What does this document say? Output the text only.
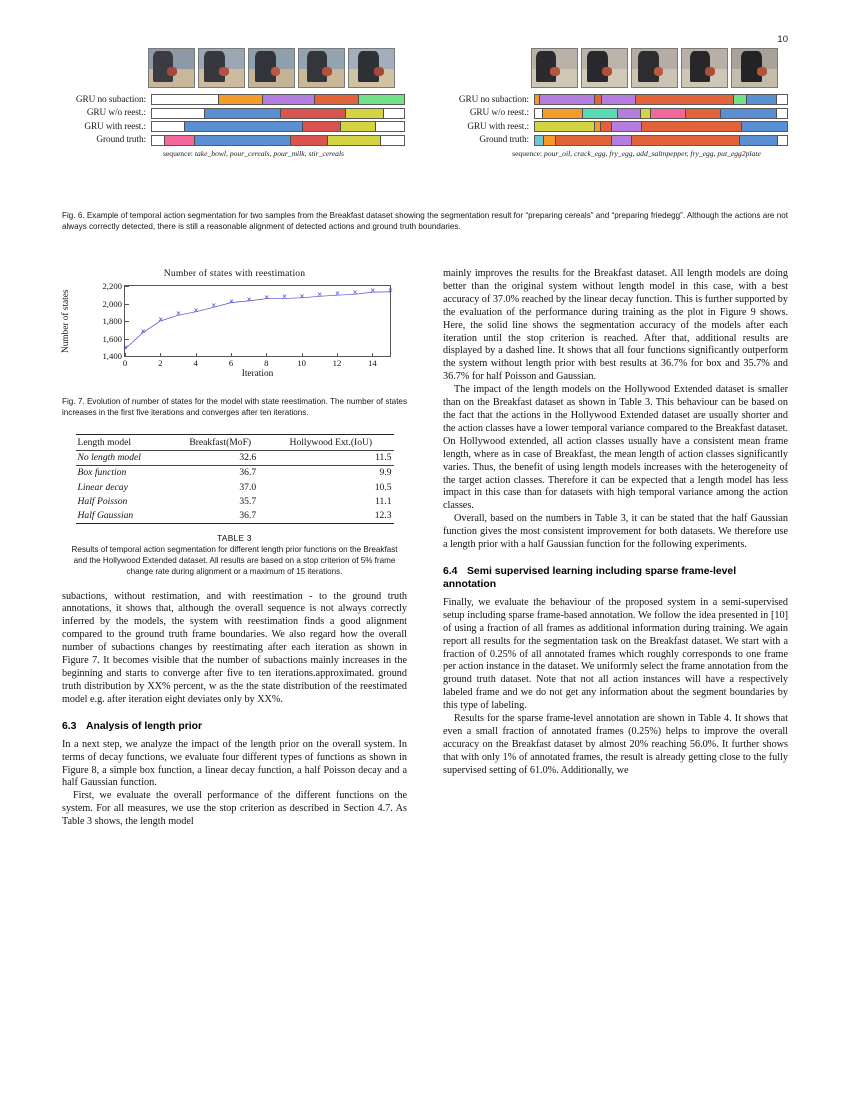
10
GRU no subaction:
GRU w/o reest.:
GRU with reest.:
Ground truth:
sequence: take_bowl, pour_cereals, pour_milk, stir_cereals
GRU no subaction:
GRU w/o reest.:
GRU with reest.:
Ground truth:
sequence: pour_oil, crack_egg, fry_egg, add_saltnpepper, fry_egg, put_egg2plate
Fig. 6. Example of temporal action segmentation for two samples from the Breakfast dataset showing the segmentation result for “preparing cereals” and “preparing friedegg”. Although the actions are not always correctly detected, there is still a reasonable alignment of detected actions and ground truth boundaries.
Number of states with reestimation
Number of states
1,400
1,600
1,800
2,000
2,200
0	2	4	6	8	10	12	14
✕
✕
✕
✕
✕
✕
✕
✕
✕
✕
✕
✕
✕
✕
✕
✕
Iteration
Fig. 7. Evolution of number of states for the model with state reestimation. The number of states increases in the first five iterations and converges after ten iterations.
Length model	Breakfast(MoF)	Hollywood Ext.(IoU)
No length model	32.6	11.5
Box function	36.7	9.9
Linear decay	37.0	10.5
Half Poisson	35.7	11.1
Half Gaussian	36.7	12.3
TABLE 3
Results of temporal action segmentation for different length prior functions on the Breakfast and the Hollywood Extended dataset. All results are based on a stop criterion of 5% frame change rate during alignment or a maximum of 15 iterations.

subactions, without restimation, and with reestimation - to the ground truth annotations, it shows that, although the overall sequence is not always correctly inferred by the models, the system with reestimation finds a good alignment compared to the ground truth frame boundaries. We also regard how the overall number of subactions changes by reestimating after each iteration as shown in Figure 7. It becomes visible that the number of subactions mainly increases in the beginning and starts to converge after five to ten iterations.approximated. ground truth distribution by XX% percent, w as the the state distribution of the reestimated model e.g. after iteration eight deviates only by XX%.

6.3 Analysis of length prior

In a next step, we analyze the impact of the length prior on the overall system. In terms of decay functions, we evaluate four different types of functions as shown in Figure 8, a simple box function, a linear decay function, a half Poisson decay and a half Gaussian function.

First, we evaluate the overall performance of the different functions on the system. For all measures, we use the stop criterion as described in Section 4.7. As Table 3 shows, the length model

mainly improves the results for the Breakfast dataset. All length models are doing better than the original system without length model in this case, with a best accuracy of 37.0% reached by the linear decay function. This is further supported by the evaluation of the performance during training as the plot in Figure 9 shows. Here, the solid line shows the segmentation accuracy of the models after each iteration until the stop criterion is reached. After that, additional results are displayed by a dashed line. It shows that all four functions significantly outperform the system without length prior with best results at 36.7% for box and 35.7% and 36.7% for half Poisson and Gaussian.

The impact of the length models on the Hollywood Extended dataset is smaller than on the Breakfast dataset as shown in Table 3. This behaviour can be based on the fact that the actions in the Hollywood Extended dataset are usually shorter and the action classes have a lower temporal variance compared to the Breakfast dataset. On Hollywood extended, all action classes usually have a consistent mean frame length, where as in case of Breakfast, the mean length of action classes significantly varies. Thus, the benefit of using length models increases with the heterogeneity of the target action classes. Therefore it can be expected that a length model has less impact in this case than for datasets with high temporal variance among the action classes.

Overall, based on the numbers in Table 3, it can be stated that the half Gaussian function gives the most consistent improvement for both datasets. We therefore use a length prior with a half Gaussian function for the following experiments.

6.4 Semi supervised learning including sparse frame-level annotation

Finally, we evaluate the behaviour of the proposed system in a semi-supervised setup including sparse frame-based annotation. We follow the idea presented in [10] of using a fraction of all frames as additional information during training. We again report all results for the segmentation task on the Breakfast dataset. We start with a fraction of 0.25% of all annotated frames which roughly corresponds to one frame per action instance in the dataset. We uniformly select the frame annotation from the ground truth dataset. Note that not all action instances will have a respectively labeled frame and we do not get any information about the segment boundaries by this type of labeling.

Results for the sparse frame-level annotation are shown in Table 4. It shows that even a small fraction of annotated frames (0.25%) helps to improve the overall accuracy on the Breakfast dataset by almost 20% reaching 56.0%. It further shows that with only 1% of annotated frames, the result is already getting close to the fully supervised setting of 61.0%. Additionally, we
